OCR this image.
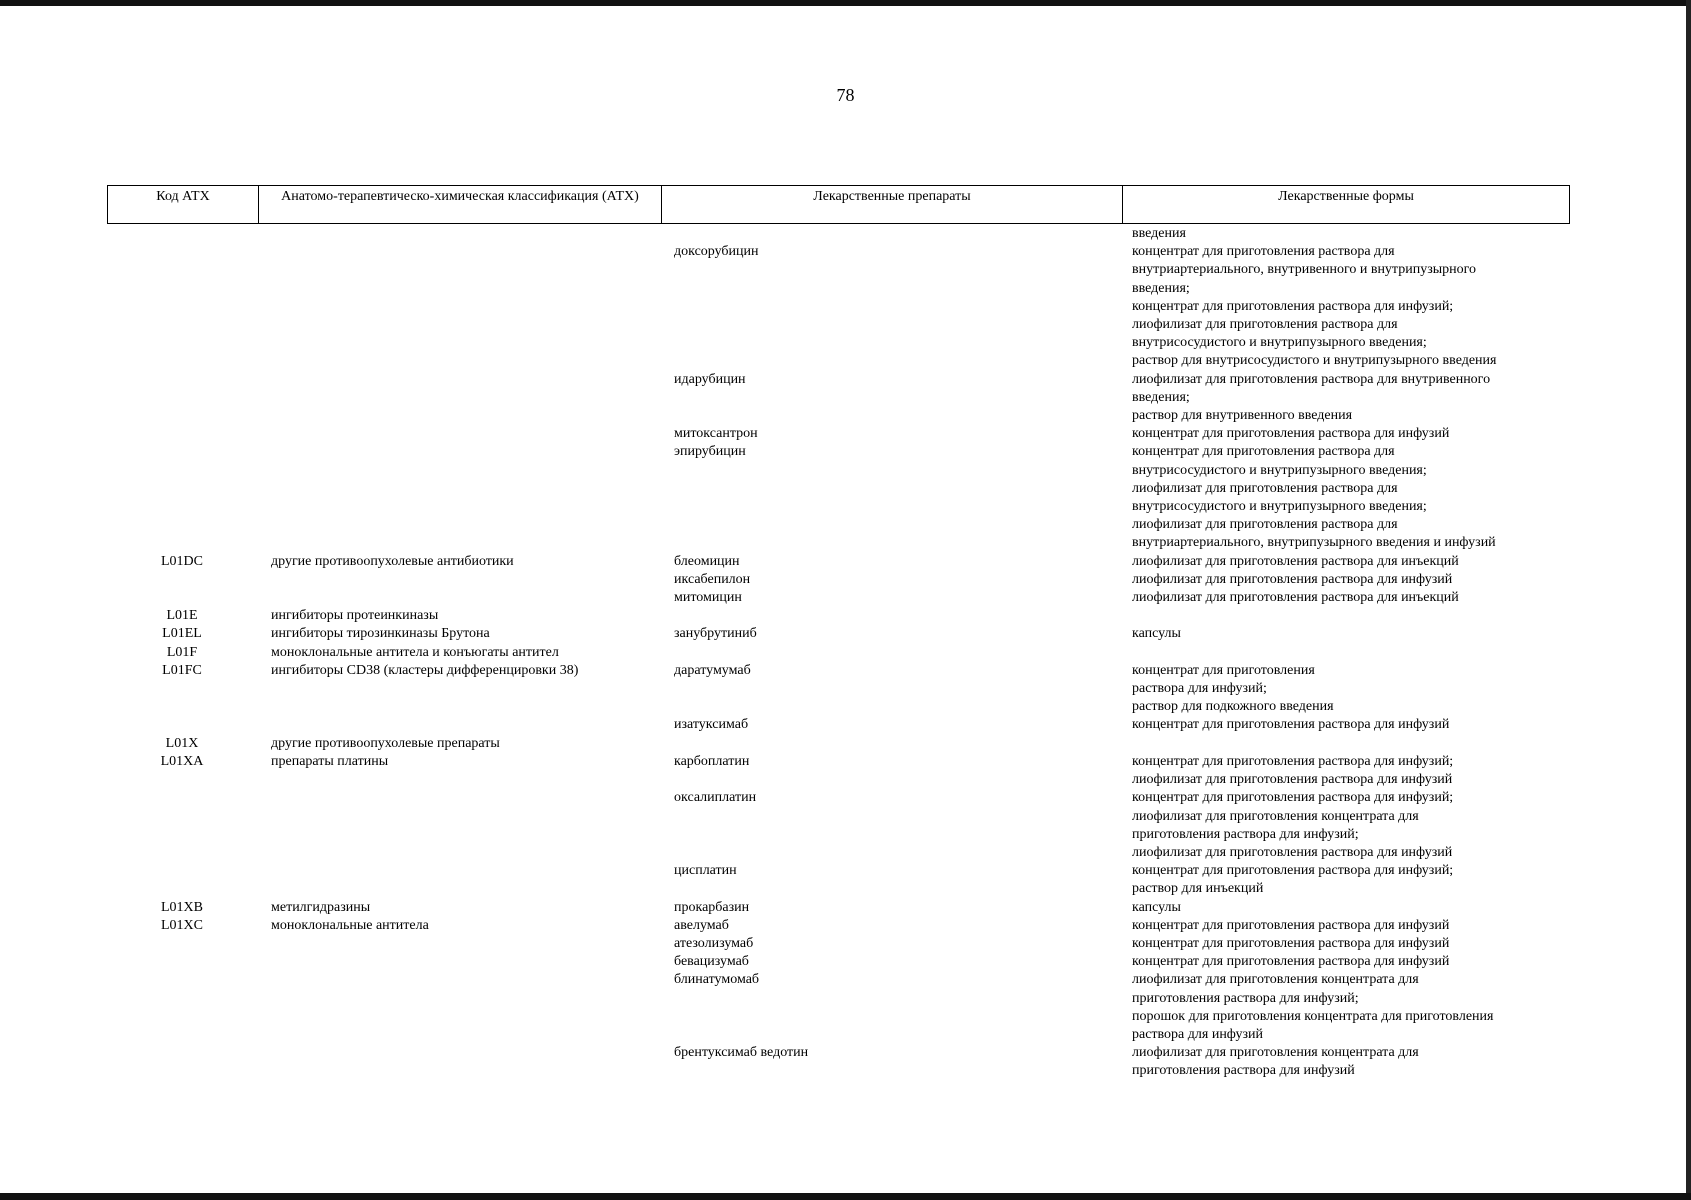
78
Код АТХ	Анатомо-терапевтическо-химическая классификация (АТХ)	Лекарственные препараты	Лекарственные формы
введения
доксорубицин	концентрат для приготовления раствора для
внутриартериального, внутривенного и внутрипузырного
введения;
концентрат для приготовления раствора для инфузий;
лиофилизат для приготовления раствора для
внутрисосудистого и внутрипузырного введения;
раствор для внутрисосудистого и внутрипузырного введения
идарубицин	лиофилизат для приготовления раствора для внутривенного
введения;
раствор для внутривенного введения
митоксантрон	концентрат для приготовления раствора для инфузий
эпирубицин	концентрат для приготовления раствора для
внутрисосудистого и внутрипузырного введения;
лиофилизат для приготовления раствора для
внутрисосудистого и внутрипузырного введения;
лиофилизат для приготовления раствора для
внутриартериального, внутрипузырного введения и инфузий
L01DC	другие противоопухолевые антибиотики	блеомицин	лиофилизат для приготовления раствора для инъекций
иксабепилон	лиофилизат для приготовления раствора для инфузий
митомицин	лиофилизат для приготовления раствора для инъекций
L01E	ингибиторы протеинкиназы
L01EL	ингибиторы тирозинкиназы Брутона	занубрутиниб	капсулы
L01F	моноклональные антитела и конъюгаты антител
L01FC	ингибиторы CD38 (кластеры дифференцировки 38)	даратумумаб	концентрат для приготовления
раствора для инфузий;
раствор для подкожного введения
изатуксимаб	концентрат для приготовления раствора для инфузий
L01X	другие противоопухолевые препараты
L01XA	препараты платины	карбоплатин	концентрат для приготовления раствора для инфузий;
лиофилизат для приготовления раствора для инфузий
оксалиплатин	концентрат для приготовления раствора для инфузий;
лиофилизат для приготовления концентрата для
приготовления раствора для инфузий;
лиофилизат для приготовления раствора для инфузий
цисплатин	концентрат для приготовления раствора для инфузий;
раствор для инъекций
L01XB	метилгидразины	прокарбазин	капсулы
L01XC	моноклональные антитела	авелумаб	концентрат для приготовления раствора для инфузий
атезолизумаб	концентрат для приготовления раствора для инфузий
бевацизумаб	концентрат для приготовления раствора для инфузий
блинатумомаб	лиофилизат для приготовления концентрата для
приготовления раствора для инфузий;
порошок для приготовления концентрата для приготовления
раствора для инфузий
брентуксимаб ведотин	лиофилизат для приготовления концентрата для
приготовления раствора для инфузий
